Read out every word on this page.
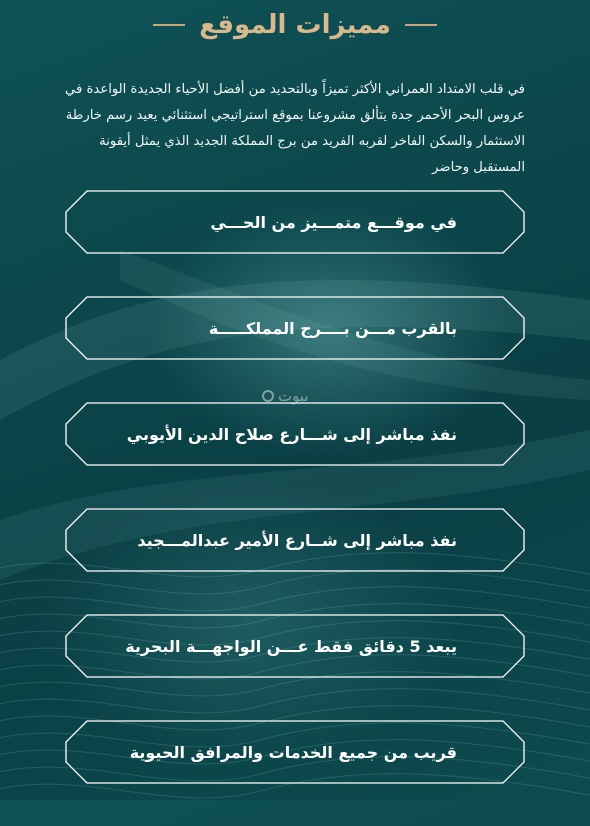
مميزات الموقع

في قلب الامتداد العمراني الأكثر تميزاً وبالتحديد من أفضل الأحياء الجديدة الواعدة في عروس البحر الأحمر جدة يتألق مشروعنا بموقع استراتيجي استثنائي يعيد رسم خارطة الاستثمار والسكن الفاخر لقربه الفريد من برج المملكة الجديد الذي يمثل أيقونة المستقبل وحاضر

بيوت
في موقـــع متمـــيز من الحـــي
بالقرب مـــن بــــرج المملكـــــة
نفذ مباشر إلى شـــارع صلاح الدين الأيوبي
نفذ مباشر إلى شــارع الأمير عبدالمـــجيد
يبعد 5 دقائق فقط عـــن الواجهـــة البحرية
قريب من جميع الخدمات والمرافق الحيوية
